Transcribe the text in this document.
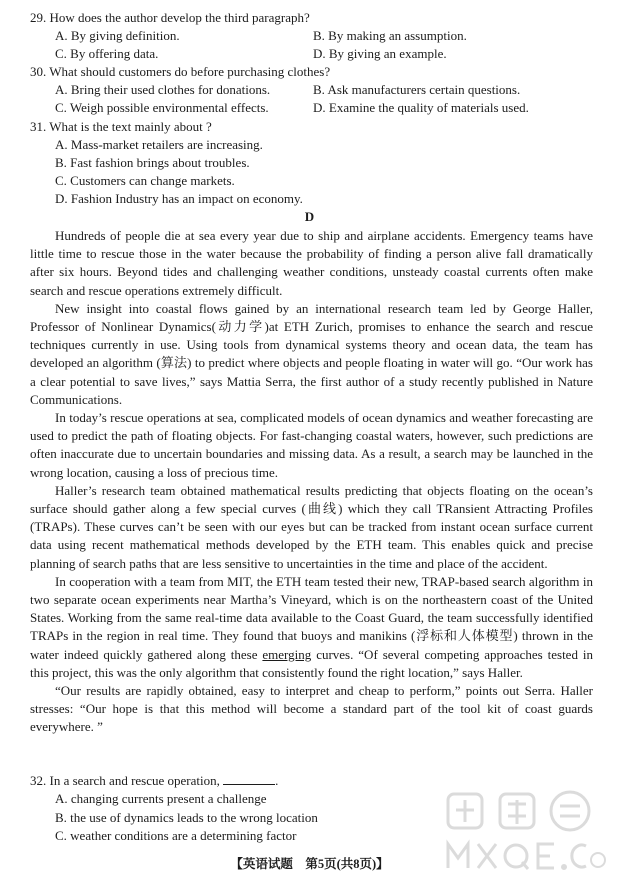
29. How does the author develop the third paragraph?
A. By giving definition.	B. By making an assumption.
C. By offering data.	D. By giving an example.
30. What should customers do before purchasing clothes?
A. Bring their used clothes for donations.	B. Ask manufacturers certain questions.
C. Weigh possible environmental effects.	D. Examine the quality of materials used.
31. What is the text mainly about ?
A. Mass-market retailers are increasing.
B. Fast fashion brings about troubles.
C. Customers can change markets.
D. Fashion Industry has an impact on economy.
D

Hundreds of people die at sea every year due to ship and airplane accidents. Emergency teams have little time to rescue those in the water because the probability of finding a person alive fall dramatically after six hours. Beyond tides and challenging weather conditions, unsteady coastal currents often make search and rescue operations extremely difficult.

New insight into coastal flows gained by an international research team led by George Haller, Professor of Nonlinear Dynamics(动力学)at ETH Zurich, promises to enhance the search and rescue techniques currently in use. Using tools from dynamical systems theory and ocean data, the team has developed an algorithm (算法) to predict where objects and people floating in water will go. “Our work has a clear potential to save lives,” says Mattia Serra, the first author of a study recently published in Nature Communications.

In today’s rescue operations at sea, complicated models of ocean dynamics and weather forecasting are used to predict the path of floating objects. For fast-changing coastal waters, however, such predictions are often inaccurate due to uncertain boundaries and missing data. As a result, a search may be launched in the wrong location, causing a loss of precious time.

Haller’s research team obtained mathematical results predicting that objects floating on the ocean’s surface should gather along a few special curves (曲线) which they call TRansient Attracting Profiles (TRAPs). These curves can’t be seen with our eyes but can be tracked from instant ocean surface current data using recent mathematical methods developed by the ETH team. This enables quick and precise planning of search paths that are less sensitive to uncertainties in the time and place of the accident.

In cooperation with a team from MIT, the ETH team tested their new, TRAP-based search algorithm in two separate ocean experiments near Martha’s Vineyard, which is on the northeastern coast of the United States. Working from the same real-time data available to the Coast Guard, the team successfully identified TRAPs in the region in real time. They found that buoys and manikins (浮标和人体模型) thrown in the water indeed quickly gathered along these emerging curves. “Of several competing approaches tested in this project, this was the only algorithm that consistently found the right location,” says Haller.

“Our results are rapidly obtained, easy to interpret and cheap to perform,” points out Serra. Haller stresses: “Our hope is that this method will become a standard part of the tool kit of coast guards everywhere. ”

32. In a search and rescue operation,	.
A. changing currents present a challenge
B. the use of dynamics leads to the wrong location
C. weather conditions are a determining factor
【英语试题　第5页(共8页)】
